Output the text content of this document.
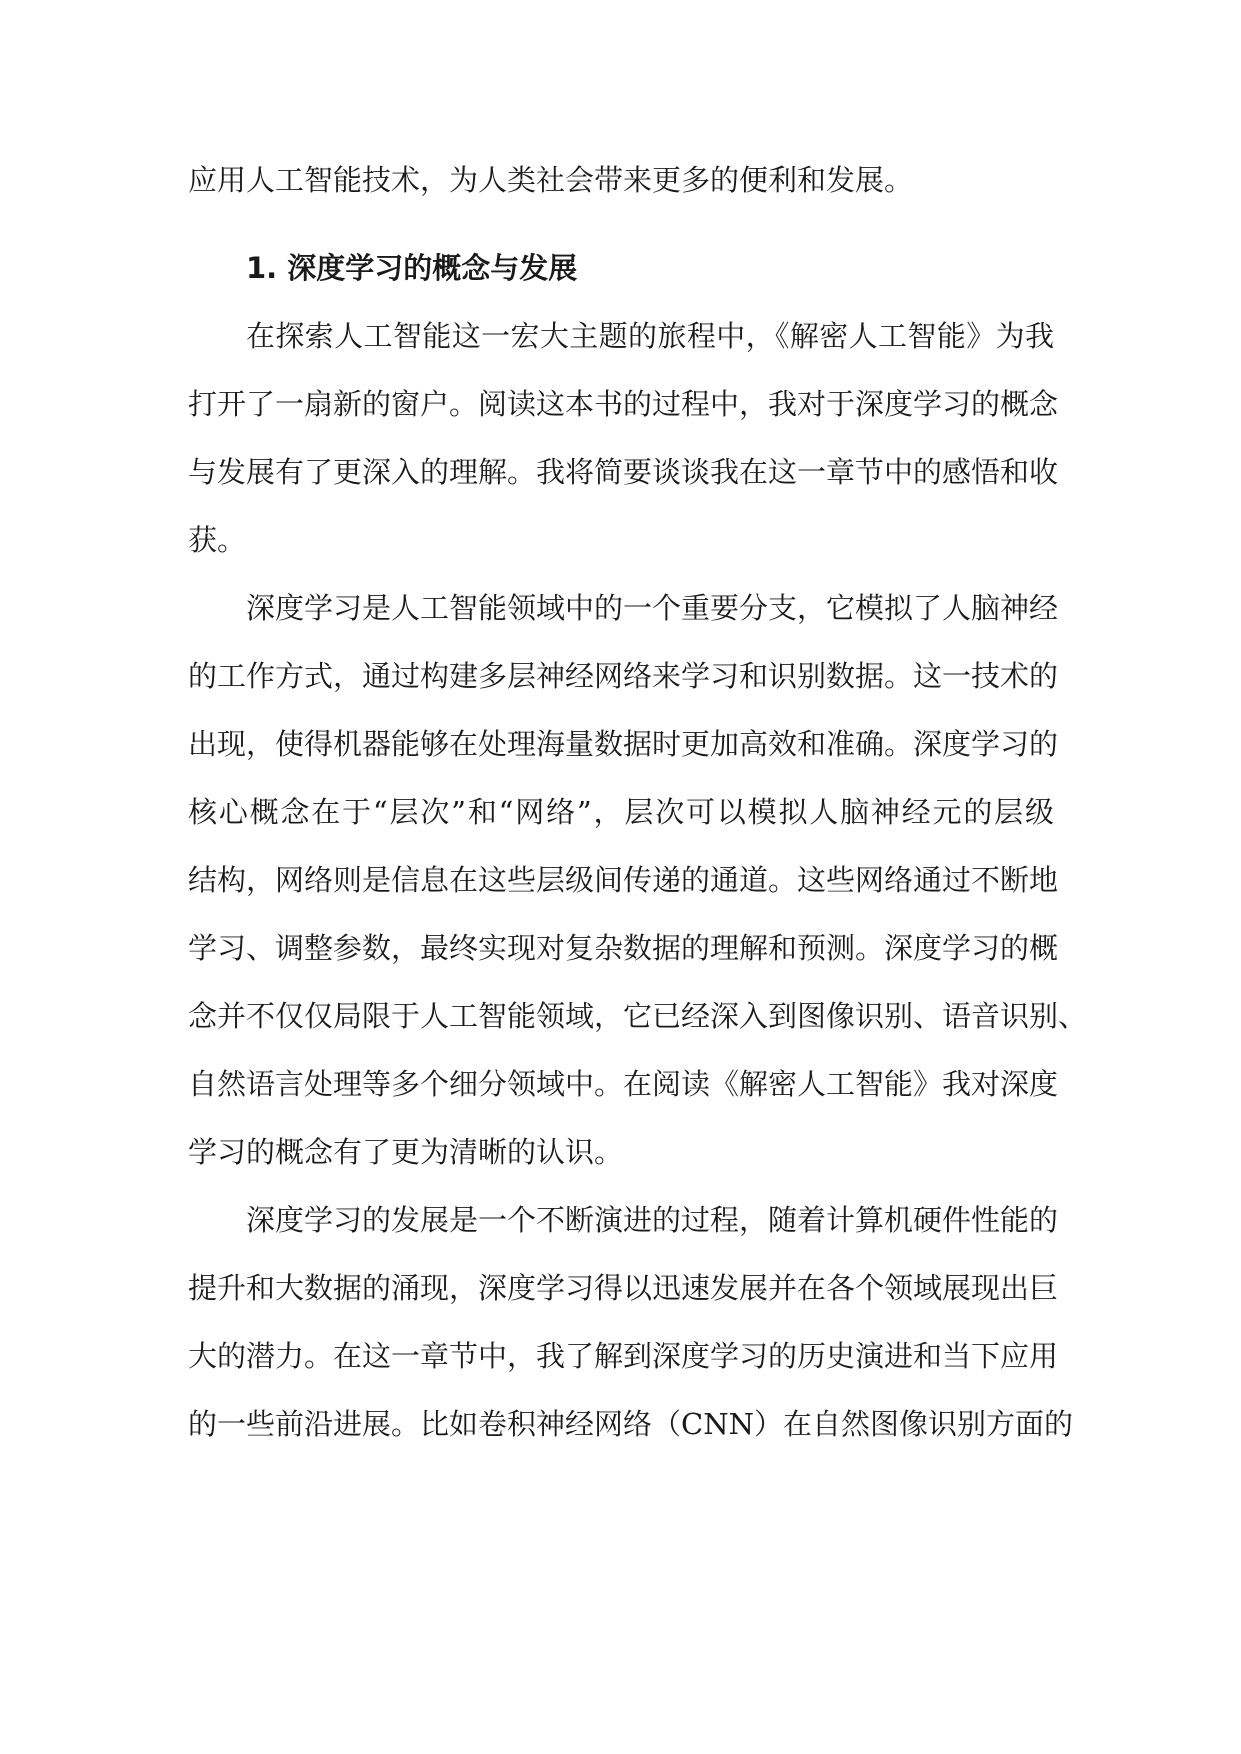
应用人工智能技术，为人类社会带来更多的便利和发展。
1. 深度学习的概念与发展
在探索人工智能这一宏大主题的旅程中，《解密人工智能》为我
打开了一扇新的窗户。阅读这本书的过程中，我对于深度学习的概念
与发展有了更深入的理解。我将简要谈谈我在这一章节中的感悟和收
获。
深度学习是人工智能领域中的一个重要分支，它模拟了人脑神经
的工作方式，通过构建多层神经网络来学习和识别数据。这一技术的
出现，使得机器能够在处理海量数据时更加高效和准确。深度学习的
核心概念在于“层次”和“网络”，层次可以模拟人脑神经元的层级
结构，网络则是信息在这些层级间传递的通道。这些网络通过不断地
学习、调整参数，最终实现对复杂数据的理解和预测。深度学习的概
念并不仅仅局限于人工智能领域，它已经深入到图像识别、语音识别、
自然语言处理等多个细分领域中。在阅读《解密人工智能》我对深度
学习的概念有了更为清晰的认识。
深度学习的发展是一个不断演进的过程，随着计算机硬件性能的
提升和大数据的涌现，深度学习得以迅速发展并在各个领域展现出巨
大的潜力。在这一章节中，我了解到深度学习的历史演进和当下应用
的一些前沿进展。比如卷积神经网络（CNN）在自然图像识别方面的
